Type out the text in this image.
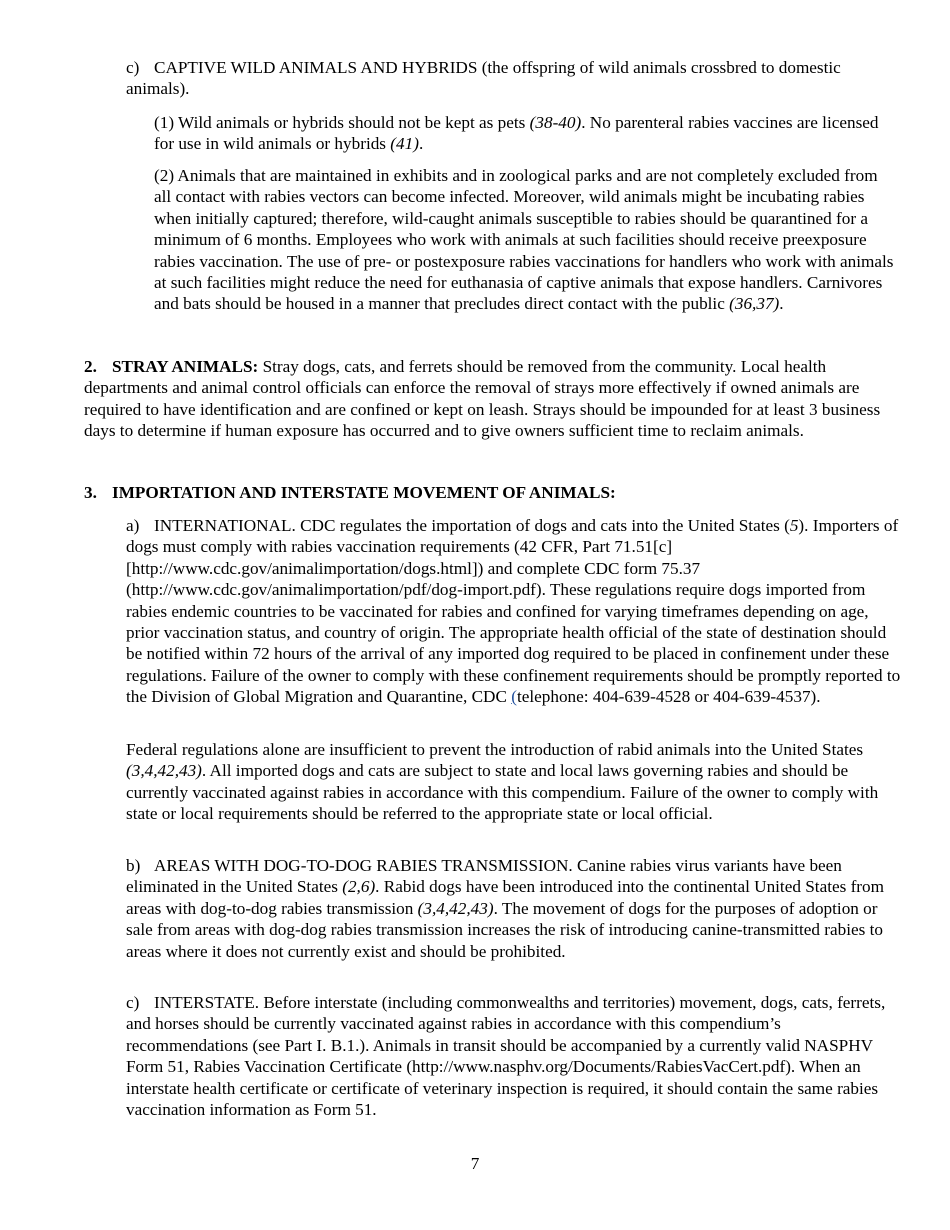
c) CAPTIVE WILD ANIMALS AND HYBRIDS (the offspring of wild animals crossbred to domestic animals).

(1) Wild animals or hybrids should not be kept as pets (38-40). No parenteral rabies vaccines are licensed for use in wild animals or hybrids (41).

(2) Animals that are maintained in exhibits and in zoological parks and are not completely excluded from all contact with rabies vectors can become infected. Moreover, wild animals might be incubating rabies when initially captured; therefore, wild-caught animals susceptible to rabies should be quarantined for a minimum of 6 months. Employees who work with animals at such facilities should receive preexposure rabies vaccination. The use of pre- or postexposure rabies vaccinations for handlers who work with animals at such facilities might reduce the need for euthanasia of captive animals that expose handlers. Carnivores and bats should be housed in a manner that precludes direct contact with the public (36,37).

2. STRAY ANIMALS: Stray dogs, cats, and ferrets should be removed from the community. Local health departments and animal control officials can enforce the removal of strays more effectively if owned animals are required to have identification and are confined or kept on leash. Strays should be impounded for at least 3 business days to determine if human exposure has occurred and to give owners sufficient time to reclaim animals.

3. IMPORTATION AND INTERSTATE MOVEMENT OF ANIMALS:

a) INTERNATIONAL. CDC regulates the importation of dogs and cats into the United States (5). Importers of dogs must comply with rabies vaccination requirements (42 CFR, Part 71.51[c] [http://www.cdc.gov/animalimportation/dogs.html]) and complete CDC form 75.37 (http://www.cdc.gov/animalimportation/pdf/dog-import.pdf). These regulations require dogs imported from rabies endemic countries to be vaccinated for rabies and confined for varying timeframes depending on age, prior vaccination status, and country of origin. The appropriate health official of the state of destination should be notified within 72 hours of the arrival of any imported dog required to be placed in confinement under these regulations. Failure of the owner to comply with these confinement requirements should be promptly reported to the Division of Global Migration and Quarantine, CDC (telephone: 404-639-4528 or 404-639-4537).

Federal regulations alone are insufficient to prevent the introduction of rabid animals into the United States (3,4,42,43). All imported dogs and cats are subject to state and local laws governing rabies and should be currently vaccinated against rabies in accordance with this compendium. Failure of the owner to comply with state or local requirements should be referred to the appropriate state or local official.

b) AREAS WITH DOG-TO-DOG RABIES TRANSMISSION. Canine rabies virus variants have been eliminated in the United States (2,6). Rabid dogs have been introduced into the continental United States from areas with dog-to-dog rabies transmission (3,4,42,43). The movement of dogs for the purposes of adoption or sale from areas with dog-dog rabies transmission increases the risk of introducing canine-transmitted rabies to areas where it does not currently exist and should be prohibited.

c) INTERSTATE. Before interstate (including commonwealths and territories) movement, dogs, cats, ferrets, and horses should be currently vaccinated against rabies in accordance with this compendium’s recommendations (see Part I. B.1.). Animals in transit should be accompanied by a currently valid NASPHV Form 51, Rabies Vaccination Certificate (http://www.nasphv.org/Documents/RabiesVacCert.pdf). When an interstate health certificate or certificate of veterinary inspection is required, it should contain the same rabies vaccination information as Form 51.

7
